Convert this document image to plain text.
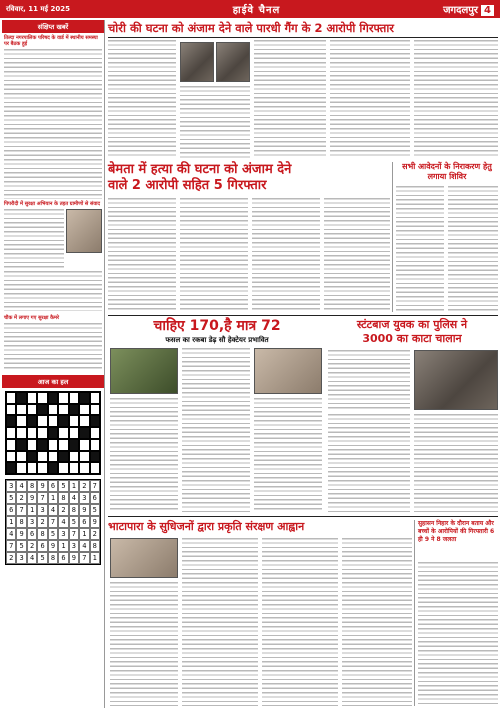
रविवार, 11 मई 2025	हाईवे चैनल	जगदलपुर 4
संक्षिप्त खबरें
तिल्दा नगरपालिक परिषद के वार्ड में स्थानीय समस्या पर बैठक हुई
पिपरौदी में सुरक्षा अभियान के तहत ग्रामीणों से संवाद
चौक में लगाए गए सुरक्षा कैमरे
आज का हल
3 4 8 9 6 5 1 2 7
5 2 9 7 1 8 4 3 6
6 7 1 3 4 2 8 9 5
1 8 3 2 7 4 5 6 9
4 9 6 8 5 3 7 1 2
7 5 2 6 9 1 3 4 8
2 3 4 5 8 6 9 7 1
चोरी की घटना को अंजाम देने वाले पारधी गैंग के 2 आरोपी गिरफ्तार
बेमता में हत्या की घटना को अंजाम देने
वाले 2 आरोपी सहित 5 गिरफ्तार
सभी आवेदनों के निराकरण हेतु लगाया शिविर
चाहिए 170,है मात्र 72
फसल का रकबा डेढ़ सौ हेक्टेयर प्रभावित
स्टंटबाज युवक का पुलिस ने
3000 का काटा चालान
भाटापारा के सुधिजनों द्वारा प्रकृति संरक्षण आह्वान	सुहासन निहार के दौरान बताय और बच्चों के आरोपियों की गिरफ्तारी 6 ही 9 ने 8 जलता
